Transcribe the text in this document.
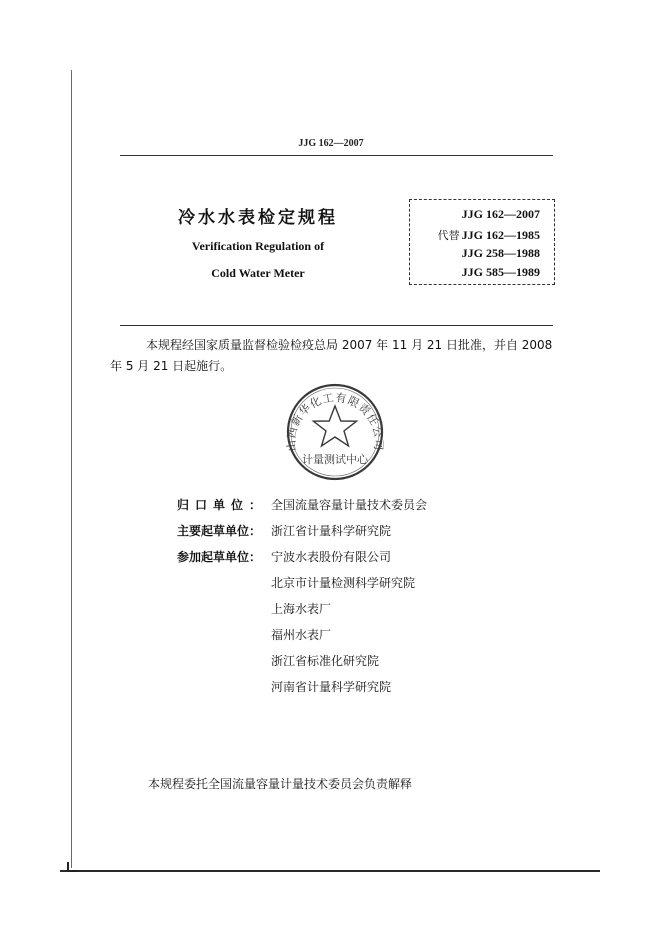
JJG 162—2007
冷水水表检定规程
Verification Regulation of
Cold Water Meter
JJG 162—2007
代替 JJG 162—1985
JJG 258—1988
JJG 585—1989
本规程经国家质量监督检验检疫总局 2007 年 11 月 21 日批准，并自 2008 年 5 月 21 日起施行。
山西新华化工有限责任公司
计量测试中心
归口单位： 全国流量容量计量技术委员会
主要起草单位： 浙江省计量科学研究院
参加起草单位： 宁波水表股份有限公司
北京市计量检测科学研究院
上海水表厂
福州水表厂
浙江省标准化研究院
河南省计量科学研究院
本规程委托全国流量容量计量技术委员会负责解释
